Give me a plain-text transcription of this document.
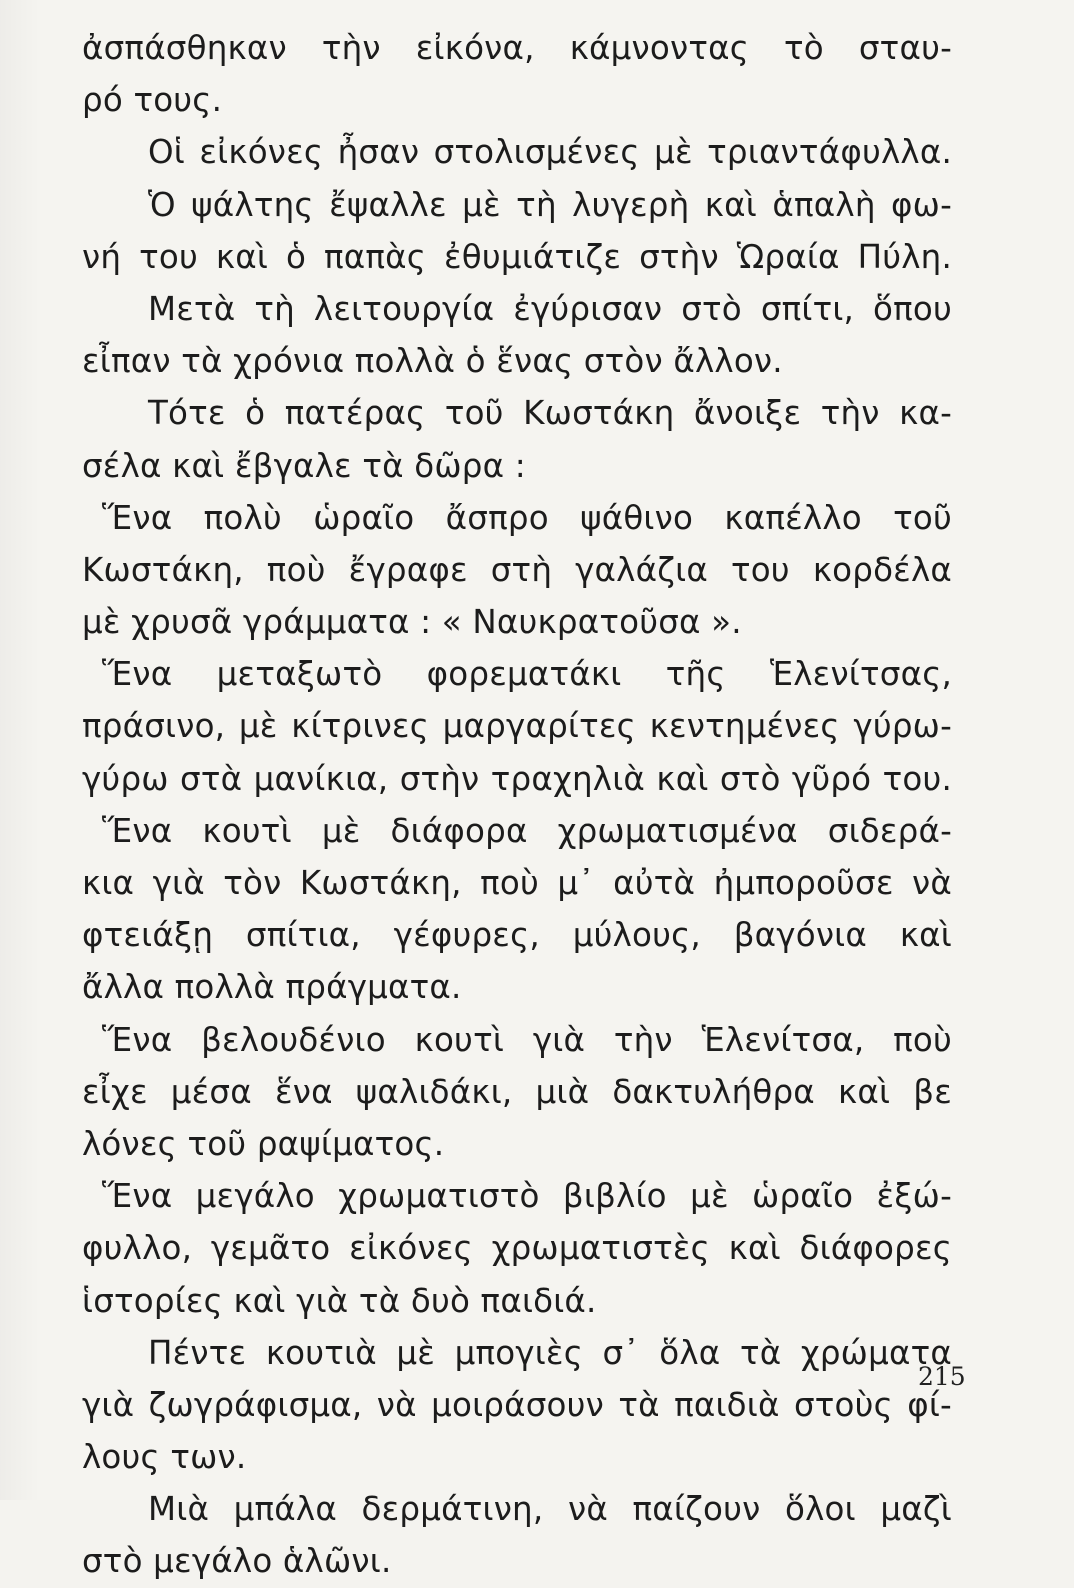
ἀσπάσθηκαν τὴν εἰκόνα, κάμνοντας τὸ σταυ-
ρό τους.
Οἱ εἰκόνες ἦσαν στολισμένες μὲ τριαντάφυλλα.
Ὁ ψάλτης ἔψαλλε μὲ τὴ λυγερὴ καὶ ἁπαλὴ φω-
νή του καὶ ὁ παπὰς ἐθυμιάτιζε στὴν Ὡραία Πύλη.
Μετὰ τὴ λειτουργία ἐγύρισαν στὸ σπίτι, ὅπου
εἶπαν τὰ χρόνια πολλὰ ὁ ἕνας στὸν ἄλλον.
Τότε ὁ πατέρας τοῦ Κωστάκη ἄνοιξε τὴν κα-
σέλα καὶ ἔβγαλε τὰ δῶρα :
Ἕνα πολὺ ὡραῖο ἄσπρο ψάθινο καπέλλο τοῦ
Κωστάκη, ποὺ ἔγραφε στὴ γαλάζια του κορδέλα
μὲ χρυσᾶ γράμματα : « Ναυκρατοῦσα ».
Ἕνα μεταξωτὸ φορεματάκι τῆς Ἑλενίτσας,
πράσινο, μὲ κίτρινες μαργαρίτες κεντημένες γύρω-
γύρω στὰ μανίκια, στὴν τραχηλιὰ καὶ στὸ γῦρό του.
Ἕνα κουτὶ μὲ διάφορα χρωματισμένα σιδερά-
κια γιὰ τὸν Κωστάκη, ποὺ μ᾽ αὐτὰ ἠμποροῦσε νὰ
φτειάξῃ σπίτια, γέφυρες, μύλους, βαγόνια καὶ
ἄλλα πολλὰ πράγματα.
Ἕνα βελουδένιο κουτὶ γιὰ τὴν Ἑλενίτσα, ποὺ
εἶχε μέσα ἕνα ψαλιδάκι, μιὰ δακτυλήθρα καὶ βε
λόνες τοῦ ραψίματος.
Ἕνα μεγάλο χρωματιστὸ βιβλίο μὲ ὡραῖο ἐξώ-
φυλλο, γεμᾶτο εἰκόνες χρωματιστὲς καὶ διάφορες
ἱστορίες καὶ γιὰ τὰ δυὸ παιδιά.
Πέντε κουτιὰ μὲ μπογιὲς σ᾽ ὅλα τὰ χρώματα
γιὰ ζωγράφισμα, νὰ μοιράσουν τὰ παιδιὰ στοὺς φί-
λους των.
Μιὰ μπάλα δερμάτινη, νὰ παίζουν ὅλοι μαζὶ
στὸ μεγάλο ἁλῶνι.
215
